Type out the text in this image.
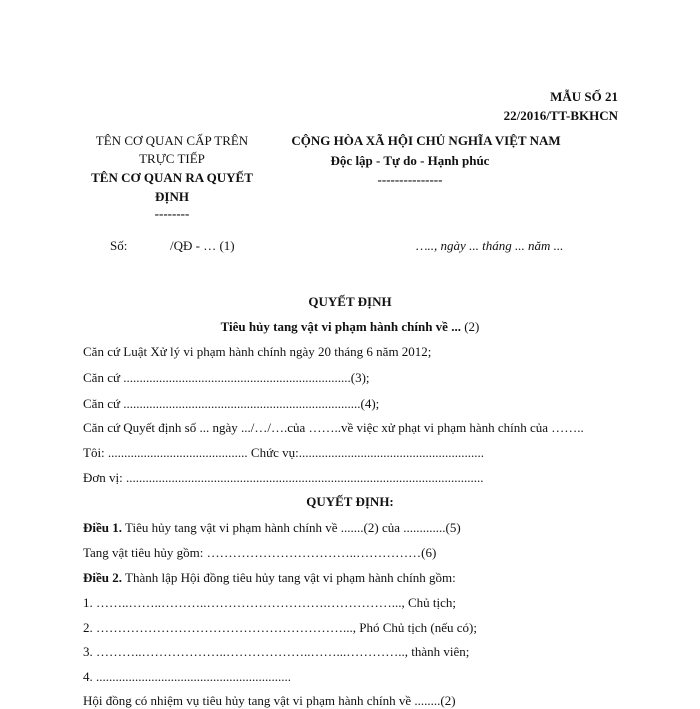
MẪU SỐ 21
22/2016/TT-BKHCN
TÊN CƠ QUAN CẤP TRÊN
TRỰC TIẾP
TÊN CƠ QUAN RA QUYẾT
ĐỊNH
--------
CỘNG HÒA XÃ HỘI CHỦ NGHĨA VIỆT NAM
Độc lập - Tự do - Hạnh phúc
---------------
Số:	/QĐ - … (1)	….., ngày ... tháng ... năm ...
QUYẾT ĐỊNH
Tiêu hủy tang vật vi phạm hành chính về ... (2)
Căn cứ Luật Xử lý vi phạm hành chính ngày 20 tháng 6 năm 2012;
Căn cứ ......................................................................(3);
Căn cứ .........................................................................(4);
Căn cứ Quyết định số ... ngày .../…/….của ……..về việc xử phạt vi phạm hành chính của ……..
Tôi: ........................................... Chức vụ:.........................................................
Đơn vị: ..............................................................................................................
QUYẾT ĐỊNH:
Điều 1. Tiêu hủy tang vật vi phạm hành chính về .......(2) của .............(5)
Tang vật tiêu hủy gồm: ……………………………..……………(6)
Điều 2. Thành lập Hội đồng tiêu hủy tang vật vi phạm hành chính gồm:
1. ……..……..………..……………………….……………..., Chủ tịch;
2. …………………………………………………..., Phó Chủ tịch (nếu có);
3. ………..………………..………………..……...………….., thành viên;
4. ............................................................
Hội đồng có nhiệm vụ tiêu hủy tang vật vi phạm hành chính về ........(2)
